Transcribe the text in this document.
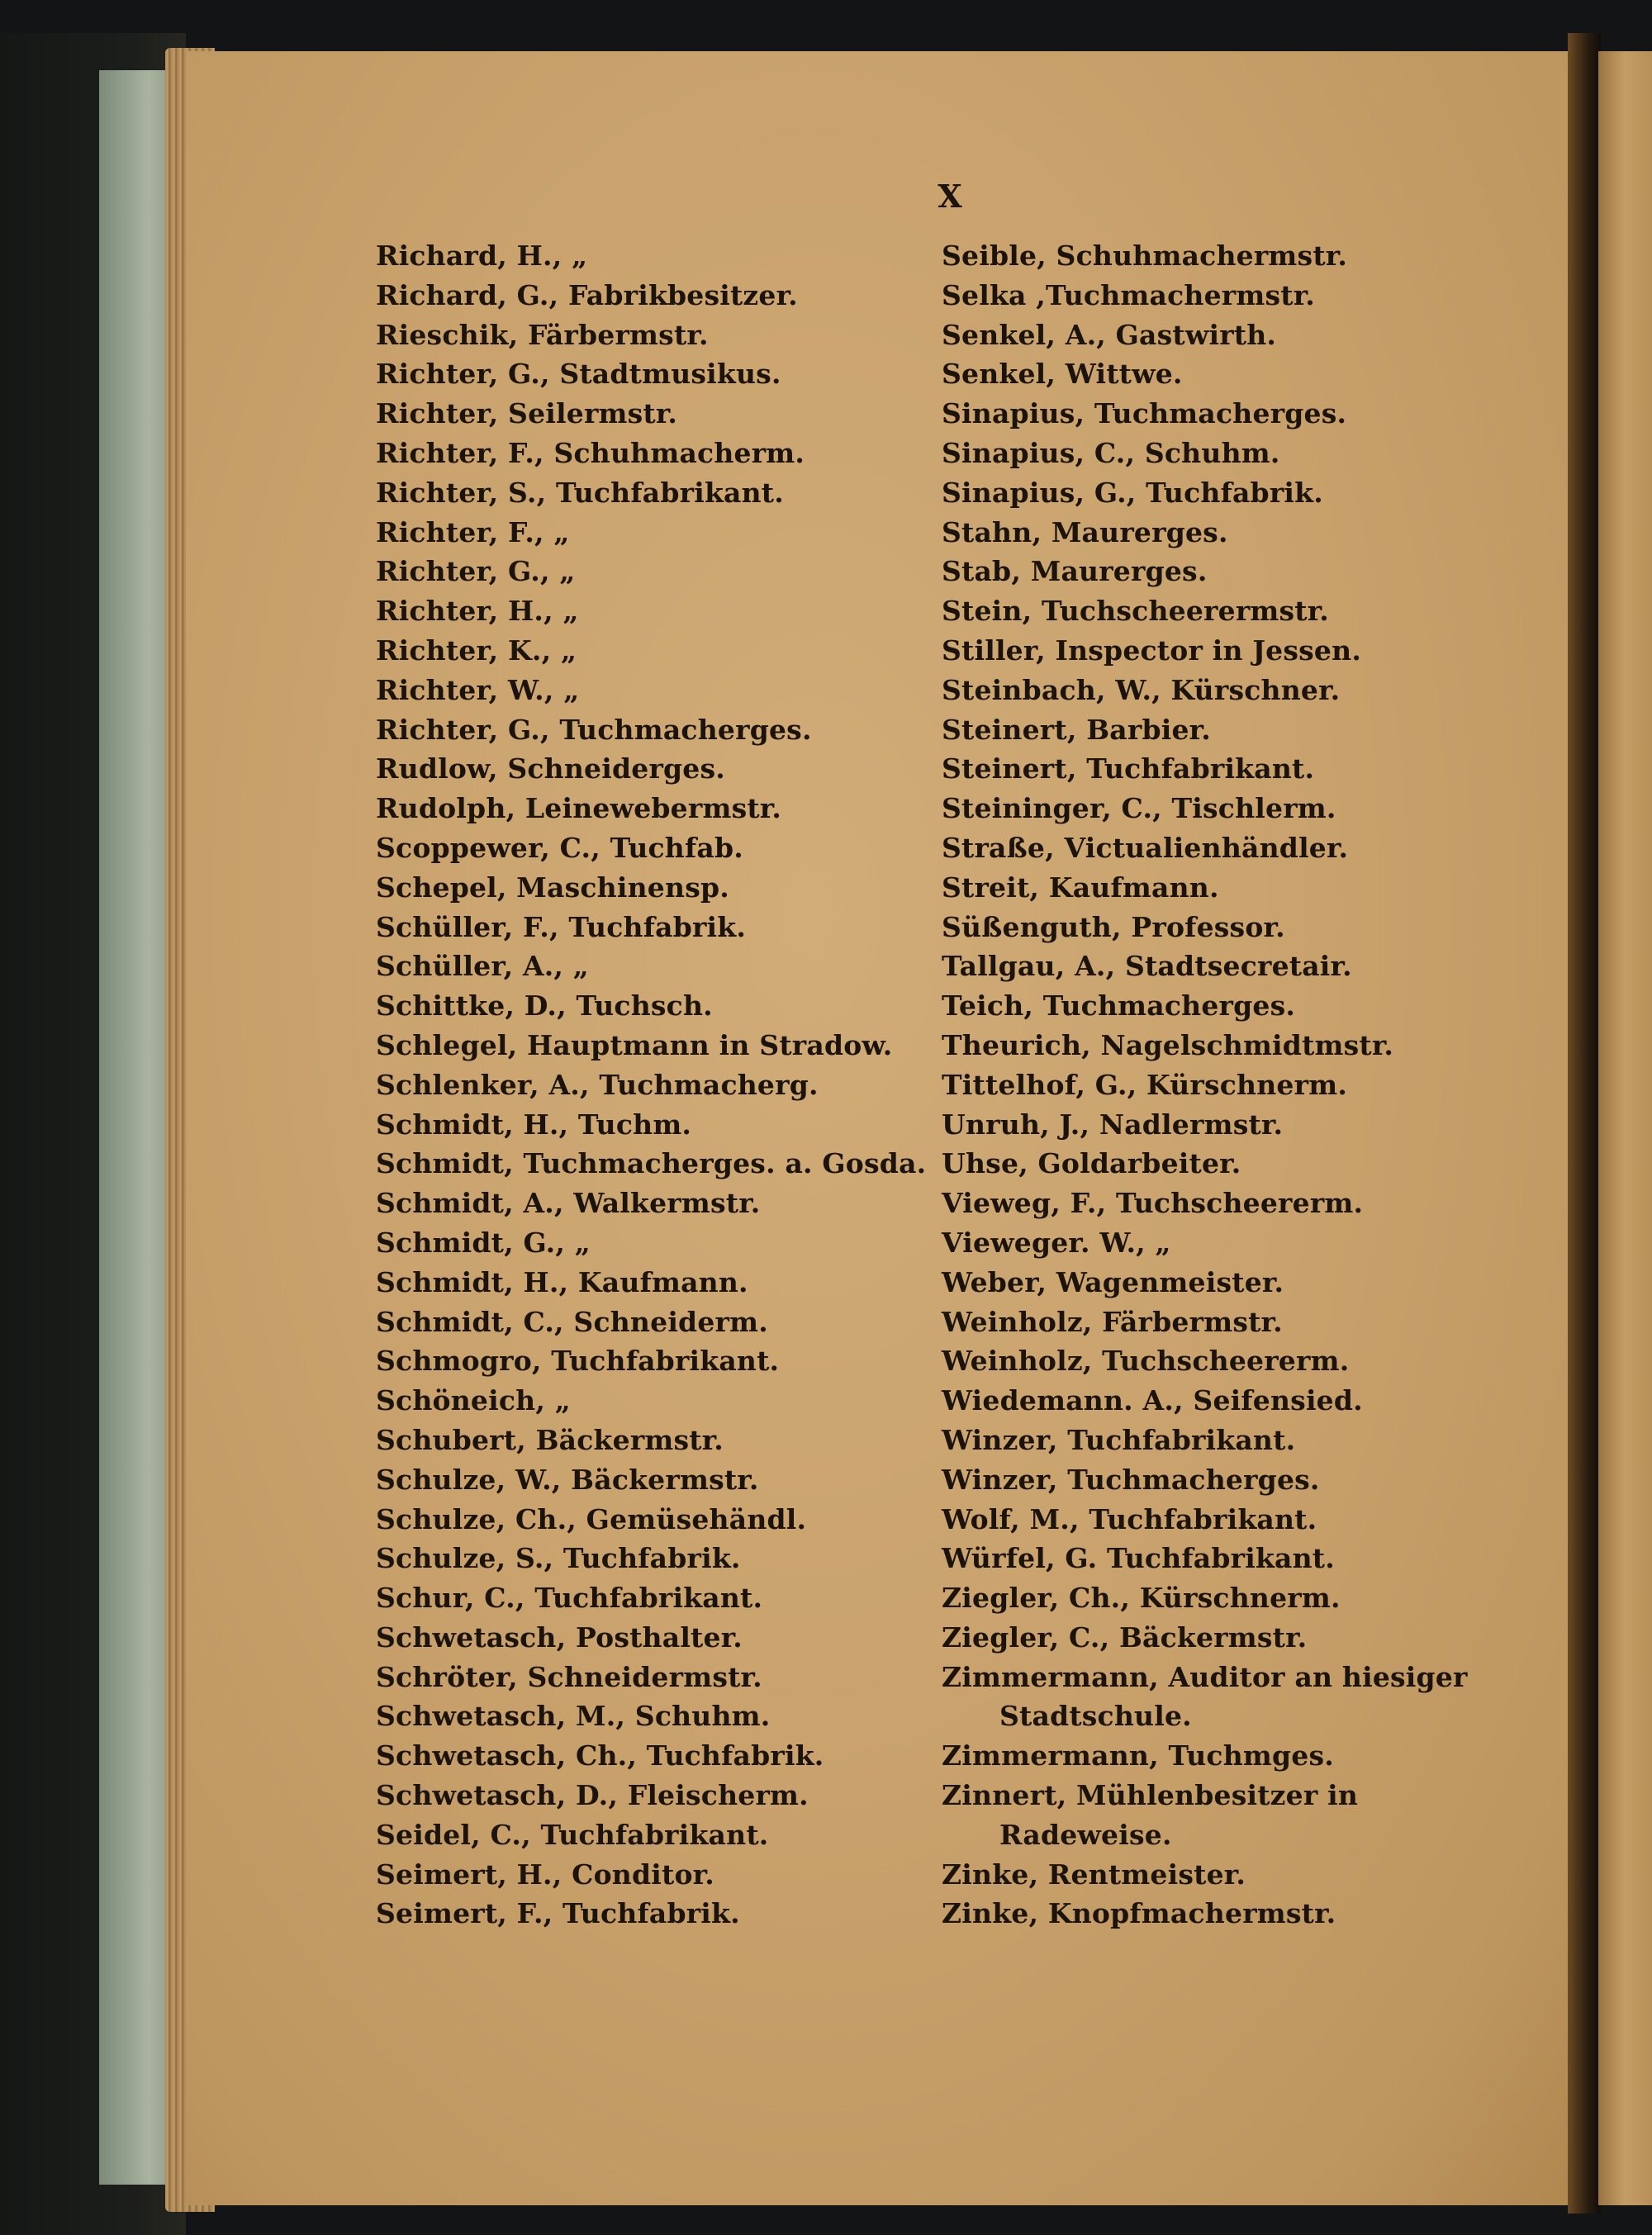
X
Richard, H., „
Richard, G., Fabrikbesitzer.
Rieschik, Färbermstr.
Richter, G., Stadtmusikus.
Richter, Seilermstr.
Richter, F., Schuhmacherm.
Richter, S., Tuchfabrikant.
Richter, F., „
Richter, G., „
Richter, H., „
Richter, K., „
Richter, W., „
Richter, G., Tuchmacherges.
Rudlow, Schneiderges.
Rudolph, Leinewebermstr.
Scoppewer, C., Tuchfab.
Schepel, Maschinensp.
Schüller, F., Tuchfabrik.
Schüller, A., „
Schittke, D., Tuchsch.
Schlegel, Hauptmann in Stradow.
Schlenker, A., Tuchmacherg.
Schmidt, H., Tuchm.
Schmidt, Tuchmacherges. a. Gosda.
Schmidt, A., Walkermstr.
Schmidt, G., „
Schmidt, H., Kaufmann.
Schmidt, C., Schneiderm.
Schmogro, Tuchfabrikant.
Schöneich, „
Schubert, Bäckermstr.
Schulze, W., Bäckermstr.
Schulze, Ch., Gemüsehändl.
Schulze, S., Tuchfabrik.
Schur, C., Tuchfabrikant.
Schwetasch, Posthalter.
Schröter, Schneidermstr.
Schwetasch, M., Schuhm.
Schwetasch, Ch., Tuchfabrik.
Schwetasch, D., Fleischerm.
Seidel, C., Tuchfabrikant.
Seimert, H., Conditor.
Seimert, F., Tuchfabrik.
Seible, Schuhmachermstr.
Selka ,Tuchmachermstr.
Senkel, A., Gastwirth.
Senkel, Wittwe.
Sinapius, Tuchmacherges.
Sinapius, C., Schuhm.
Sinapius, G., Tuchfabrik.
Stahn, Maurerges.
Stab, Maurerges.
Stein, Tuchscheerermstr.
Stiller, Inspector in Jessen.
Steinbach, W., Kürschner.
Steinert, Barbier.
Steinert, Tuchfabrikant.
Steininger, C., Tischlerm.
Straße, Victualienhändler.
Streit, Kaufmann.
Süßenguth, Professor.
Tallgau, A., Stadtsecretair.
Teich, Tuchmacherges.
Theurich, Nagelschmidtmstr.
Tittelhof, G., Kürschnerm.
Unruh, J., Nadlermstr.
Uhse, Goldarbeiter.
Vieweg, F., Tuchscheererm.
Vieweger. W., „
Weber, Wagenmeister.
Weinholz, Färbermstr.
Weinholz, Tuchscheererm.
Wiedemann. A., Seifensied.
Winzer, Tuchfabrikant.
Winzer, Tuchmacherges.
Wolf, M., Tuchfabrikant.
Würfel, G. Tuchfabrikant.
Ziegler, Ch., Kürschnerm.
Ziegler, C., Bäckermstr.
Zimmermann, Auditor an hiesiger
Stadtschule.
Zimmermann, Tuchmges.
Zinnert, Mühlenbesitzer in
Radeweise.
Zinke, Rentmeister.
Zinke, Knopfmachermstr.
